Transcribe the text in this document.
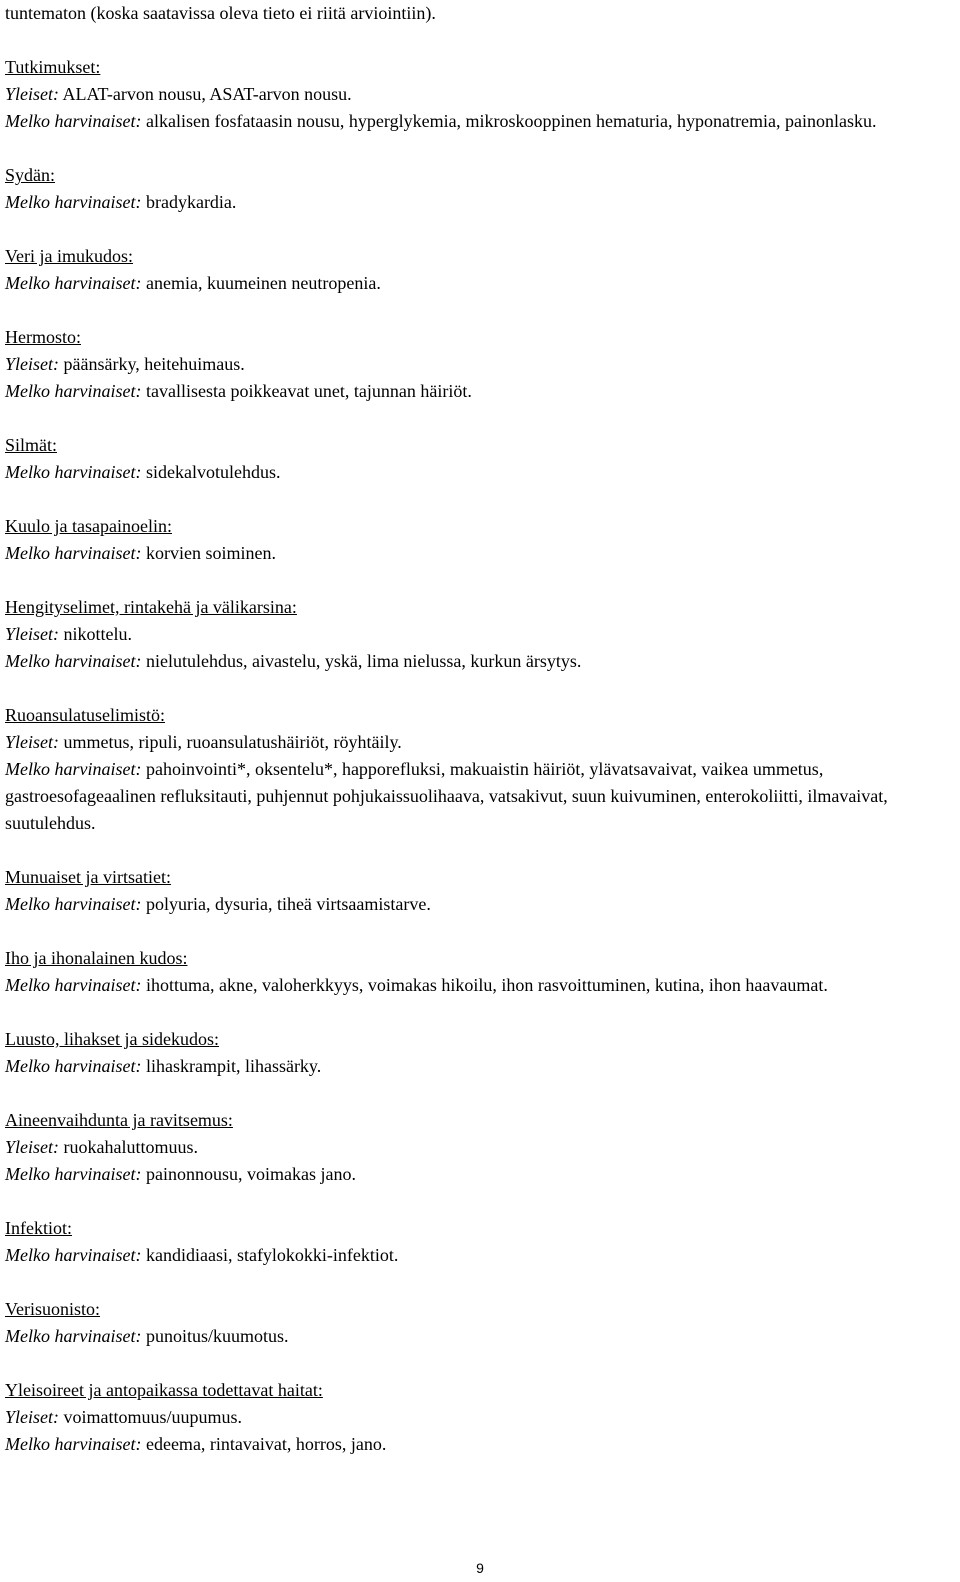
tuntematon (koska saatavissa oleva tieto ei riitä arviointiin).
Tutkimukset:
Yleiset: ALAT-arvon nousu, ASAT-arvon nousu.
Melko harvinaiset: alkalisen fosfataasin nousu, hyperglykemia, mikroskooppinen hematuria, hyponatremia, painonlasku.
Sydän:
Melko harvinaiset: bradykardia.
Veri ja imukudos:
Melko harvinaiset: anemia, kuumeinen neutropenia.
Hermosto:
Yleiset: päänsärky, heitehuimaus.
Melko harvinaiset: tavallisesta poikkeavat unet, tajunnan häiriöt.
Silmät:
Melko harvinaiset: sidekalvotulehdus.
Kuulo ja tasapainoelin:
Melko harvinaiset: korvien soiminen.
Hengityselimet, rintakehä ja välikarsina:
Yleiset: nikottelu.
Melko harvinaiset: nielutulehdus, aivastelu, yskä, lima nielussa, kurkun ärsytys.
Ruoansulatuselimistö:
Yleiset: ummetus, ripuli, ruoansulatushäiriöt, röyhtäily.
Melko harvinaiset: pahoinvointi*, oksentelu*, happorefluksi, makuaistin häiriöt, ylävatsavaivat, vaikea ummetus, gastroesofageaalinen refluksitauti, puhjennut pohjukaissuolihaava, vatsakivut, suun kuivuminen, enterokoliitti, ilmavaivat, suutulehdus.
Munuaiset ja virtsatiet:
Melko harvinaiset: polyuria, dysuria, tiheä virtsaamistarve.
Iho ja ihonalainen kudos:
Melko harvinaiset: ihottuma, akne, valoherkkyys, voimakas hikoilu, ihon rasvoittuminen, kutina, ihon haavaumat.
Luusto, lihakset ja sidekudos:
Melko harvinaiset: lihaskrampit, lihassärky.
Aineenvaihdunta ja ravitsemus:
Yleiset: ruokahaluttomuus.
Melko harvinaiset: painonnousu, voimakas jano.
Infektiot:
Melko harvinaiset: kandidiaasi, stafylokokki-infektiot.
Verisuonisto:
Melko harvinaiset: punoitus/kuumotus.
Yleisoireet ja antopaikassa todettavat haitat:
Yleiset: voimattomuus/uupumus.
Melko harvinaiset: edeema, rintavaivat, horros, jano.
9
